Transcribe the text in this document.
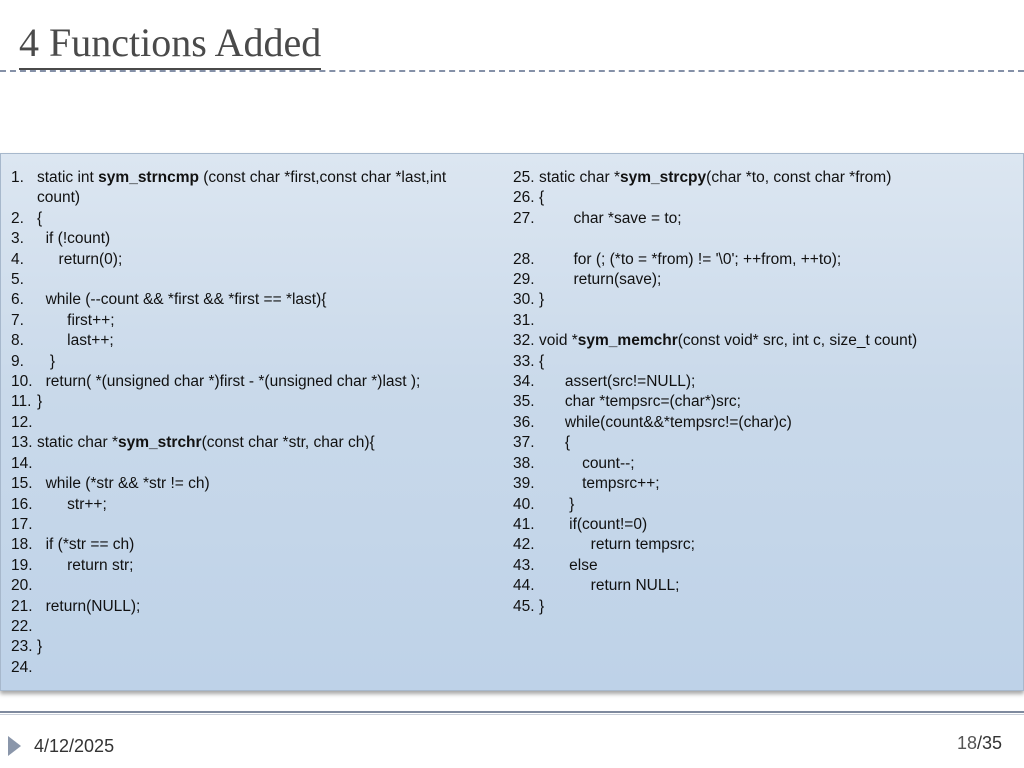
4 Functions Added
1. static int sym_strncmp (const char *first,const char *last,int
count)
2. {
3. if (!count)
4. return(0);
5.

6. while (--count && *first && *first == *last){
7. first++;
8. last++;
9. }
10. return( *(unsigned char *)first - *(unsigned char *)last );
11. }
12.

13. static char *sym_strchr(const char *str, char ch){
14.

15. while (*str && *str != ch)
16. str++;
17.

18. if (*str == ch)
19. return str;
20.

21. return(NULL);
22.

23. }
24.

25. static char *sym_strcpy(char *to, const char *from)
26. {
27. char *save = to;

28. for (; (*to = *from) != '\0'; ++from, ++to);
29. return(save);
30. }
31.

32. void *sym_memchr(const void* src, int c, size_t count)
33. {
34. assert(src!=NULL);
35. char *tempsrc=(char*)src;
36. while(count&&*tempsrc!=(char)c)
37. {
38. count--;
39. tempsrc++;
40. }
41. if(count!=0)
42. return tempsrc;
43. else
44. return NULL;
45. }
4/12/2025	18/35
